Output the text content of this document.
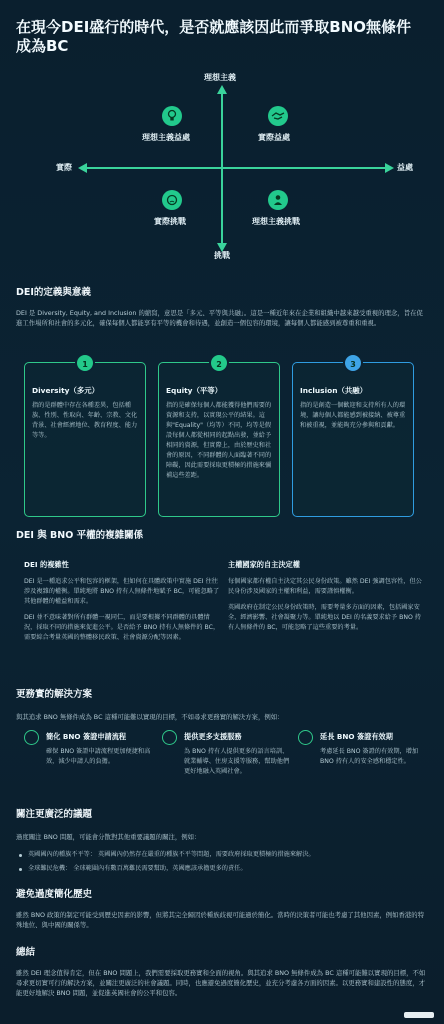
在現今DEI盛行的時代，是否就應該因此而爭取BNO無條件成為BC
理想主義
挑戰
實際	益處
理想主義益處	實際益處
實際挑戰	理想主義挑戰
DEI的定義與意義

DEI 是 Diversity, Equity, and Inclusion 的縮寫，意思是「多元、平等與共融」。這是一種近年來在企業和組織中越來越受重視的理念，旨在促進工作場所和社會的多元化，確保每個人都能享有平等的機會和待遇，並創造一個包容的環境，讓每個人都能感到被尊重和重視。

1
Diversity（多元）

指的是群體中存在各種差異，包括種族、性別、性取向、年齡、宗教、文化背景、社會經濟地位、教育程度、能力等等。

2
Equity（平等）

指的是確保每個人都能獲得他們需要的資源和支持，以實現公平的結果。這與"Equality"（均等）不同，均等是假設每個人都從相同的起點出發，並給予相同的資源，但實際上，由於歷史和社會的原因，不同群體的人面臨著不同的障礙，因此需要採取更積極的措施來彌補這些差距。

3
Inclusion（共融）

指的是創造一個歡迎和支持所有人的環境，讓每個人都能感到被接納、被尊重和被重視，並能夠充分參與和貢獻。

DEI 與 BNO 平權的複雜關係
DEI 的複雜性

DEI 是一種追求公平和包容的框架，但如何在具體政策中實施 DEI 往往涉及複雜的權衡。單純地將 BNO 持有人無條件地賦予 BC，可能忽略了其他群體的權益和需求。

DEI 並不意味著對所有群體一視同仁，而是要根據不同群體的具體情況，採取不同的措施來促進公平。是否給予 BNO 持有人無條件的 BC，需要綜合考量英國的整體移民政策、社會資源分配等因素。

主權國家的自主決定權

每個國家都有權自主決定其公民身份政策。雖然 DEI 強調包容性，但公民身份涉及國家的主權和利益，需要謹慎權衡。

英國政府在制定公民身份政策時，需要考量多方面的因素，包括國家安全、經濟影響、社會凝聚力等。單純地以 DEI 的名義要求給予 BNO 持有人無條件的 BC，可能忽略了這些重要的考量。

更務實的解決方案

與其追求 BNO 無條件成為 BC 這種可能難以實現的目標，不如尋求更務實的解決方案，例如：

簡化 BNO 簽證申請流程

確保 BNO 簽證申請流程更加便捷和高效，減少申請人的負擔。

提供更多支援服務

為 BNO 持有人提供更多的語言培訓、就業輔導、住房支援等服務，幫助他們更好地融入英國社會。

延長 BNO 簽證有效期

考慮延長 BNO 簽證的有效期，增加 BNO 持有人的安全感和穩定性。

關注更廣泛的議題

過度關注 BNO 問題，可能會分散對其他重要議題的關注，例如：

英國國內的種族不平等： 英國國內仍然存在嚴重的種族不平等問題，需要政府採取更積極的措施來解決。
全球難民危機： 全球範圍內有數百萬難民需要幫助，英國應該承擔更多的責任。
避免過度簡化歷史

雖然 BNO 政策的制定可能受到歷史因素的影響，但將其完全歸因於種族歧視可能過於簡化。當時的決策者可能也考慮了其他因素，例如香港的特殊地位、與中國的關係等。

總結

雖然 DEI 理念值得肯定，但在 BNO 問題上，我們需要採取更務實和全面的視角。與其追求 BNO 無條件成為 BC 這種可能難以實現的目標，不如尋求更切實可行的解決方案，並關注更廣泛的社會議題。同時，也應避免過度簡化歷史，並充分考慮各方面的因素。以更務實和建設性的態度，才能更好地解決 BNO 問題，並促進英國社會的公平和包容。
